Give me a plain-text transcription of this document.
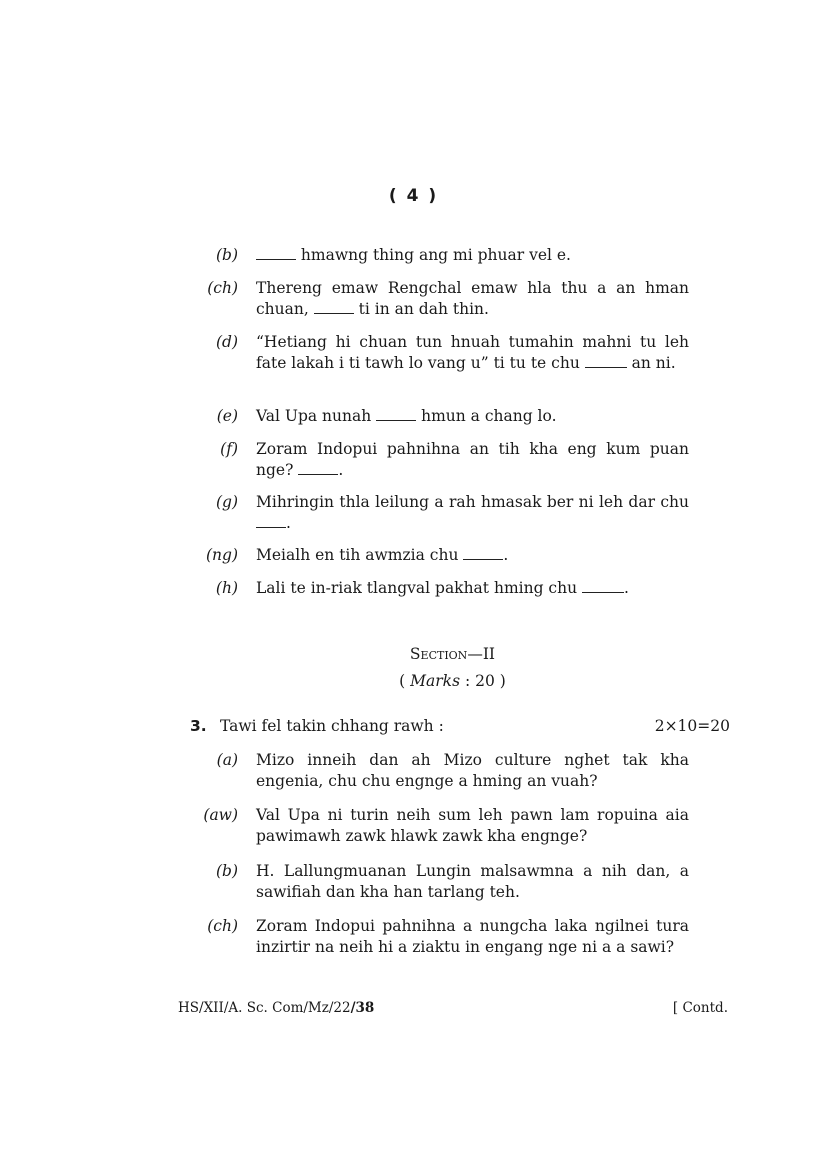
( 4 )
(b)	hmawng thing ang mi phuar vel e.
(ch) Thereng emaw Rengchal emaw hla thu a an hman chuan,	ti in an dah thin.
(d) “Hetiang hi chuan tun hnuah tumahin mahni tu leh fate lakah i ti tawh lo vang u” ti tu te chu	an ni.
(e) Val Upa nunah	hmun a chang lo.
(f) Zoram Indopui pahnihna an tih kha eng kum puan nge?	.
(g) Mihringin thla leilung a rah hmasak ber ni leh dar chu .
(ng) Meialh en tih awmzia chu	.
(h) Lali te in-riak tlangval pakhat hming chu	.
Section—II
( Marks : 20 )
3. Tawi fel takin chhang rawh :	2×10=20
(a) Mizo inneih dan ah Mizo culture nghet tak kha engenia, chu chu engnge a hming an vuah?
(aw) Val Upa ni turin neih sum leh pawn lam ropuina aia pawimawh zawk hlawk zawk kha engnge?
(b) H. Lallungmuanan Lungin malsawmna a nih dan, a sawifiah dan kha han tarlang teh.
(ch) Zoram Indopui pahnihna a nungcha laka ngilnei tura inzirtir na neih hi a ziaktu in engang nge ni a a sawi?
HS/XII/A. Sc. Com/Mz/22/38	[ Contd.
